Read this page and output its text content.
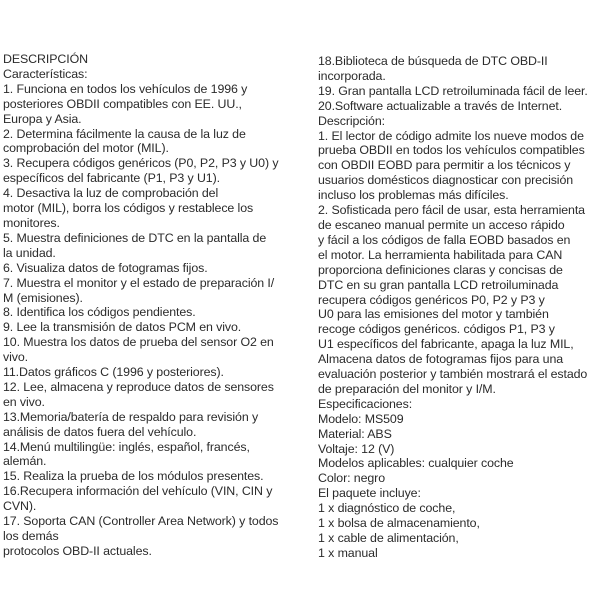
DESCRIPCIÓN
Características:
1. Funciona en todos los vehículos de 1996 y
posteriores OBDII compatibles con EE. UU.,
Europa y Asia.
2. Determina fácilmente la causa de la luz de
comprobación del motor (MIL).
3. Recupera códigos genéricos (P0, P2, P3 y U0) y
específicos del fabricante (P1, P3 y U1).
4. Desactiva la luz de comprobación del
motor (MIL), borra los códigos y restablece los
monitores.
5. Muestra definiciones de DTC en la pantalla de
la unidad.
6. Visualiza datos de fotogramas fijos.
7. Muestra el monitor y el estado de preparación I/
M (emisiones).
8. Identifica los códigos pendientes.
9. Lee la transmisión de datos PCM en vivo.
10. Muestra los datos de prueba del sensor O2 en
vivo.
11.Datos gráficos C (1996 y posteriores).
12. Lee, almacena y reproduce datos de sensores
en vivo.
13.Memoria/batería de respaldo para revisión y
análisis de datos fuera del vehículo.
14.Menú multilingüe: inglés, español, francés,
alemán.
15. Realiza la prueba de los módulos presentes.
16.Recupera información del vehículo (VIN, CIN y
CVN).
17. Soporta CAN (Controller Area Network) y todos
los demás
protocolos OBD-II actuales.
18.Biblioteca de búsqueda de DTC OBD-II
incorporada.
19. Gran pantalla LCD retroiluminada fácil de leer.
20.Software actualizable a través de Internet.
Descripción:
1. El lector de código admite los nueve modos de
prueba OBDII en todos los vehículos compatibles
con OBDII EOBD para permitir a los técnicos y
usuarios domésticos diagnosticar con precisión
incluso los problemas más difíciles.
2. Sofisticada pero fácil de usar, esta herramienta
de escaneo manual permite un acceso rápido
y fácil a los códigos de falla EOBD basados en
el motor. La herramienta habilitada para CAN
proporciona definiciones claras y concisas de
DTC en su gran pantalla LCD retroiluminada
recupera códigos genéricos P0, P2 y P3 y
U0 para las emisiones del motor y también
recoge códigos genéricos. códigos P1, P3 y
U1 específicos del fabricante, apaga la luz MIL,
Almacena datos de fotogramas fijos para una
evaluación posterior y también mostrará el estado
de preparación del monitor y I/M.
Especificaciones:
Modelo: MS509
Material: ABS
Voltaje: 12 (V)
Modelos aplicables: cualquier coche
Color: negro
El paquete incluye:
1 x diagnóstico de coche,
1 x bolsa de almacenamiento,
1 x cable de alimentación,
1 x manual
